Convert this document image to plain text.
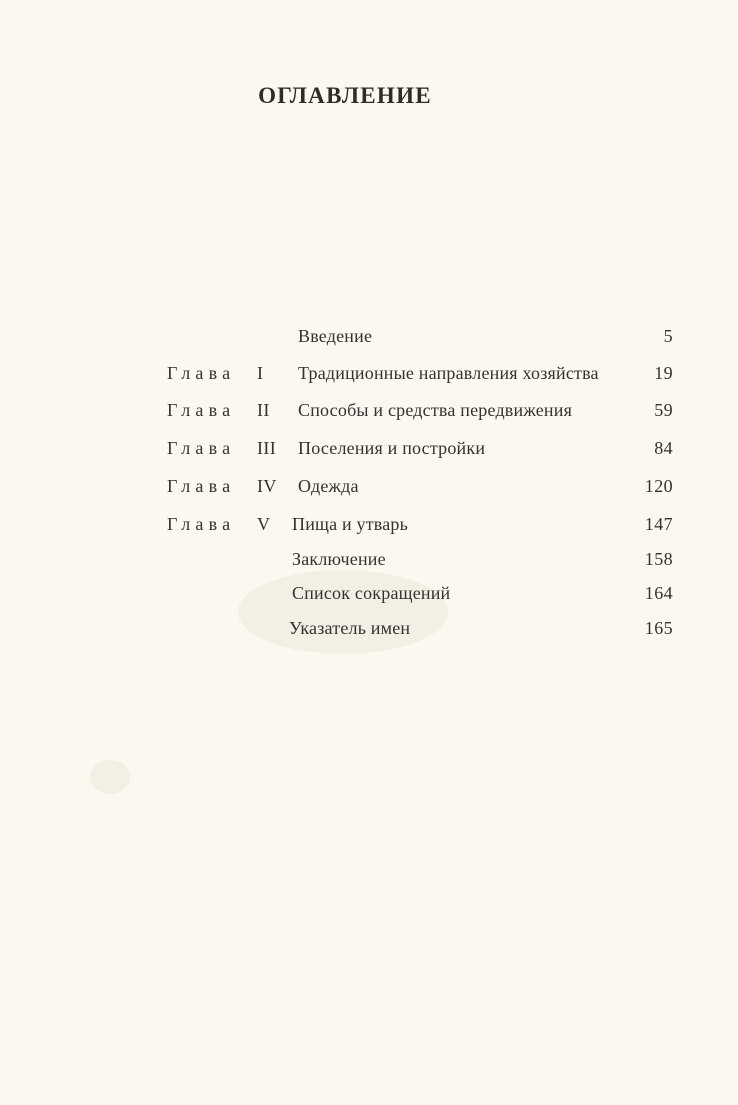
ОГЛАВЛЕНИЕ
Введение	5
Глава I Традиционные направления хозяйства	19
Глава II Способы и средства передвижения	59
Глава III Поселения и постройки	84
Глава IV Одежда	120
Глава V Пища и утварь	147
Заключение	158
Список сокращений	164
Указатель имен	165
